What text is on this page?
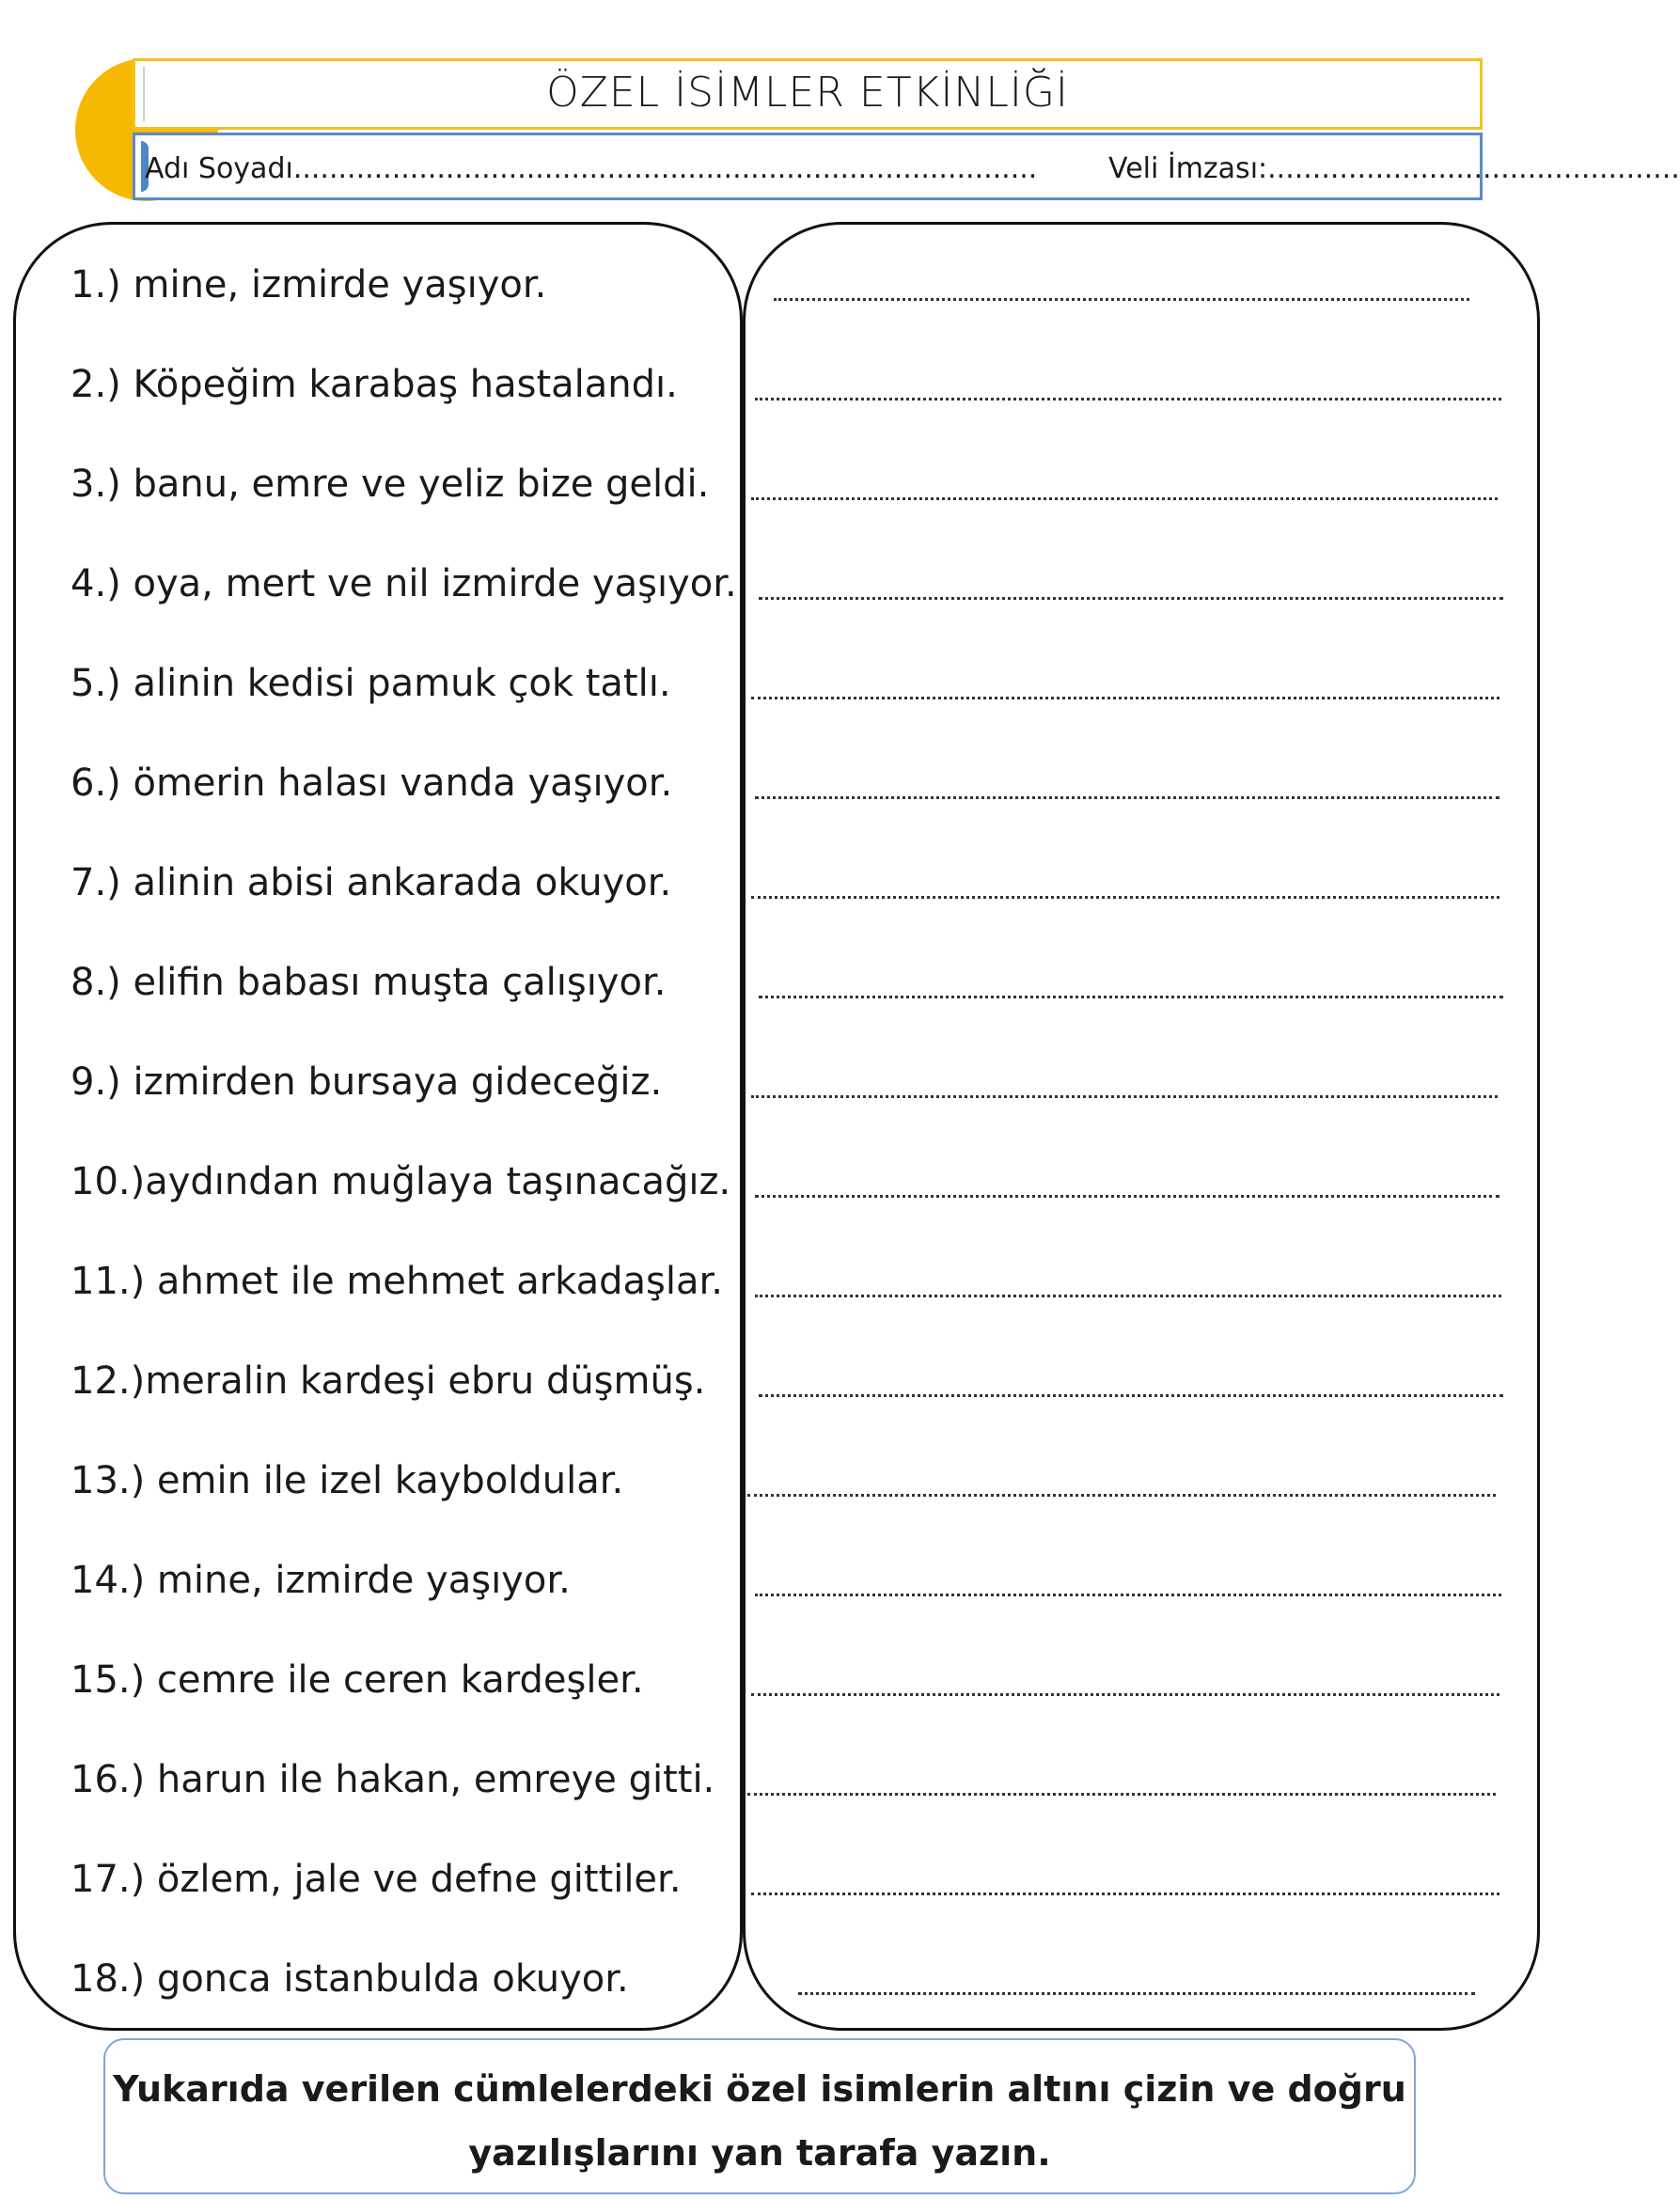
ÖZEL İSİMLER ETKİNLİĞİ
Adı Soyadı...................................................................................	Veli İmzası:..............................................
1.) mine, izmirde yaşıyor.
2.) Köpeğim karabaş hastalandı.
3.) banu, emre ve yeliz bize geldi.
4.) oya, mert ve nil izmirde yaşıyor.
5.) alinin kedisi pamuk çok tatlı.
6.) ömerin halası vanda yaşıyor.
7.) alinin abisi ankarada okuyor.
8.) elifin babası muşta çalışıyor.
9.) izmirden bursaya gideceğiz.
10.)aydından muğlaya taşınacağız.
11.) ahmet ile mehmet arkadaşlar.
12.)meralin kardeşi ebru düşmüş.
13.) emin ile izel kayboldular.
14.) mine, izmirde yaşıyor.
15.) cemre ile ceren kardeşler.
16.) harun ile hakan, emreye gitti.
17.) özlem, jale ve defne gittiler.
18.) gonca istanbulda okuyor.
Yukarıda verilen cümlelerdeki özel isimlerin altını çizin ve doğru
yazılışlarını yan tarafa yazın.
